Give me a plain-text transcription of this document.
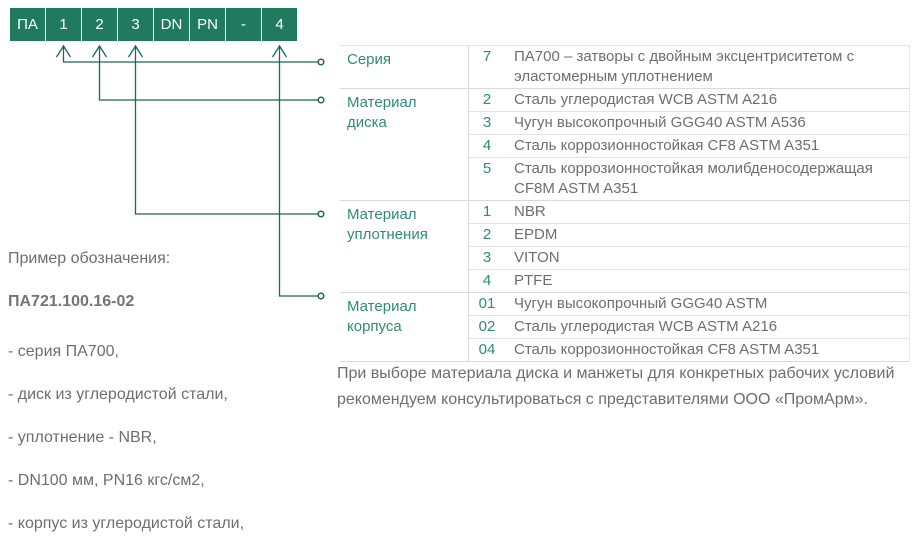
ПА	1	2	3	DN PN	-	4
Серия	7	ПА700 – затворы с двойным эксцентриситетом с эластомерным уплотнением
Материал диска
2	Сталь углеродистая WCB ASTM A216
3	Чугун высокопрочный GGG40 ASTM A536
4	Сталь коррозионностойкая CF8 ASTM A351
5	Сталь коррозионностойкая молибденосодержащая CF8M ASTM A351
Материал уплотнения
1	NBR
2	EPDM
3	VITON
4	PTFE
Материал корпуса
01	Чугун высокопрочный GGG40 ASTM
02	Сталь углеродистая WCB ASTM A216
04	Сталь коррозионностойкая CF8 ASTM A351
Пример обозначения:
ПА721.100.16-02
- серия ПА700,
- диск из углеродистой стали,
- уплотнение - NBR,
- DN100 мм, PN16 кгс/см2,
- корпус из углеродистой стали,
При выборе материала диска и манжеты для конкретных рабочих условий рекомендуем консультироваться с представителями ООО «ПромАрм».
